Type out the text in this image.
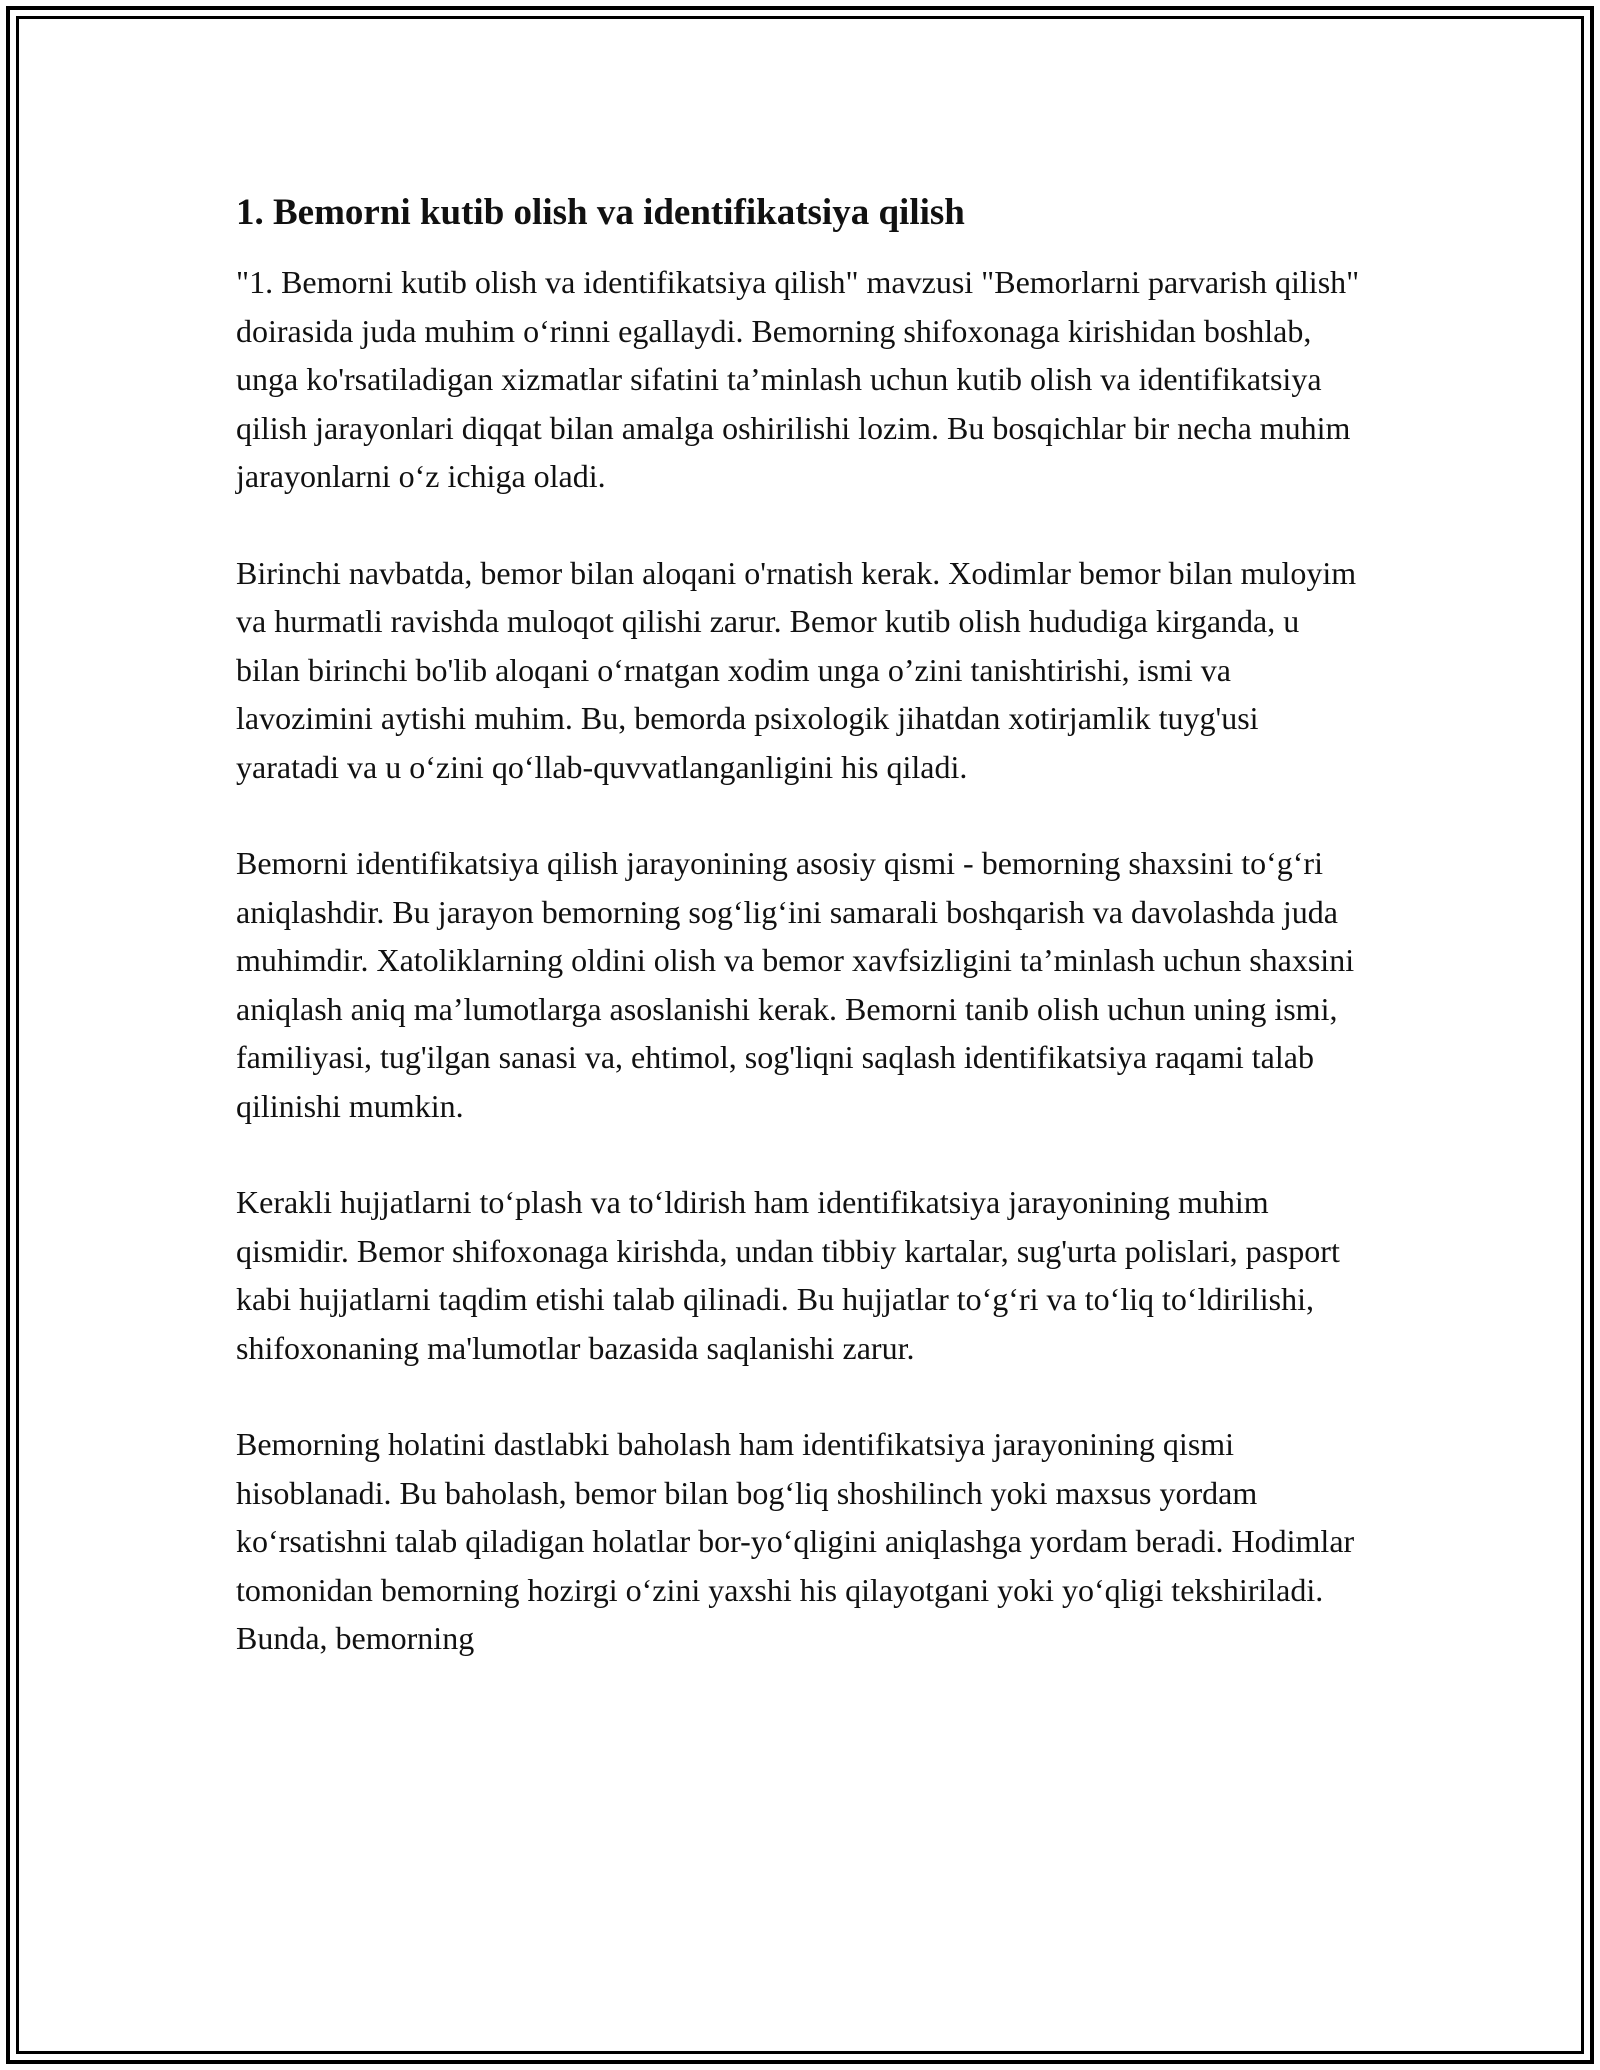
1. Bemorni kutib olish va identifikatsiya qilish

"1. Bemorni kutib olish va identifikatsiya qilish" mavzusi "Bemorlarni parvarish qilish" doirasida juda muhim o‘rinni egallaydi. Bemorning shifoxonaga kirishidan boshlab, unga ko'rsatiladigan xizmatlar sifatini ta’minlash uchun kutib olish va identifikatsiya qilish jarayonlari diqqat bilan amalga oshirilishi lozim. Bu bosqichlar bir necha muhim jarayonlarni o‘z ichiga oladi.

Birinchi navbatda, bemor bilan aloqani o'rnatish kerak. Xodimlar bemor bilan muloyim va hurmatli ravishda muloqot qilishi zarur. Bemor kutib olish hududiga kirganda, u bilan birinchi bo'lib aloqani o‘rnatgan xodim unga o’zini tanishtirishi, ismi va lavozimini aytishi muhim. Bu, bemorda psixologik jihatdan xotirjamlik tuyg'usi yaratadi va u o‘zini qo‘llab-quvvatlanganligini his qiladi.

Bemorni identifikatsiya qilish jarayonining asosiy qismi - bemorning shaxsini to‘g‘ri aniqlashdir. Bu jarayon bemorning sog‘lig‘ini samarali boshqarish va davolashda juda muhimdir. Xatoliklarning oldini olish va bemor xavfsizligini ta’minlash uchun shaxsini aniqlash aniq ma’lumotlarga asoslanishi kerak. Bemorni tanib olish uchun uning ismi, familiyasi, tug'ilgan sanasi va, ehtimol, sog'liqni saqlash identifikatsiya raqami talab qilinishi mumkin.

Kerakli hujjatlarni to‘plash va to‘ldirish ham identifikatsiya jarayonining muhim qismidir. Bemor shifoxonaga kirishda, undan tibbiy kartalar, sug'urta polislari, pasport kabi hujjatlarni taqdim etishi talab qilinadi. Bu hujjatlar to‘g‘ri va to‘liq to‘ldirilishi, shifoxonaning ma'lumotlar bazasida saqlanishi zarur.

Bemorning holatini dastlabki baholash ham identifikatsiya jarayonining qismi hisoblanadi. Bu baholash, bemor bilan bog‘liq shoshilinch yoki maxsus yordam ko‘rsatishni talab qiladigan holatlar bor-yo‘qligini aniqlashga yordam beradi. Hodimlar tomonidan bemorning hozirgi o‘zini yaxshi his qilayotgani yoki yo‘qligi tekshiriladi. Bunda, bemorning
